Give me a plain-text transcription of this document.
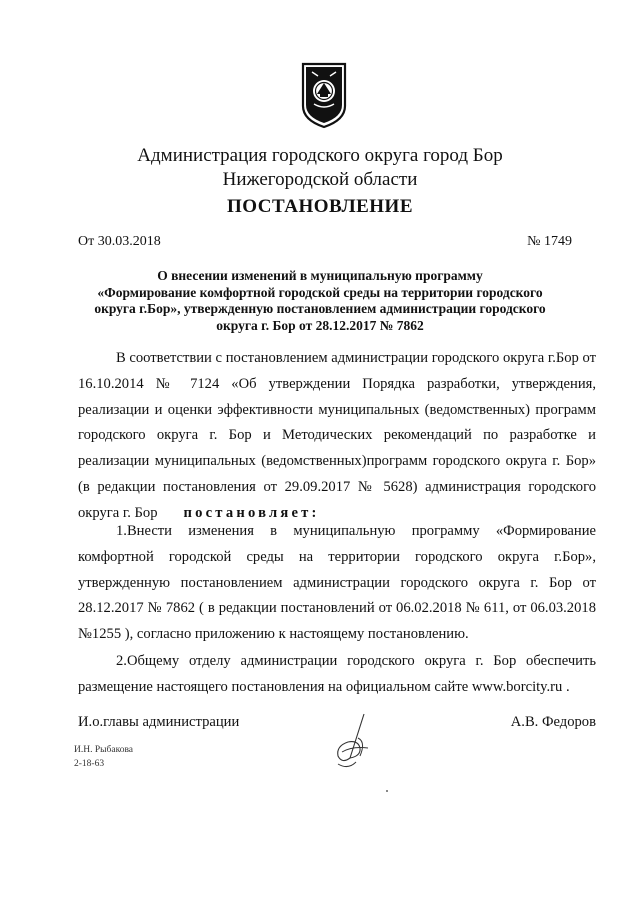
Администрация городского округа город Бор
Нижегородской области
ПОСТАНОВЛЕНИЕ
От 30.03.2018	№ 1749
О внесении изменений в муниципальную программу
«Формирование комфортной городской среды на территории городского
округа г.Бор», утвержденную постановлением администрации городского
округа г. Бор от 28.12.2017 № 7862
В соответствии с постановлением администрации городского округа г.Бор от 16.10.2014 № 7124 «Об утверждении Порядка разработки, утверждения, реализации и оценки эффективности муниципальных (ведомственных) программ городского округа г. Бор и Методических рекомендаций по разработке и реализации муниципальных (ведомственных)программ городского округа г. Бор» (в редакции постановления от 29.09.2017 № 5628) администрация городского округа г. Бор постановляет:
1.Внести изменения в муниципальную программу «Формирование комфортной городской среды на территории городского округа г.Бор», утвержденную постановлением администрации городского округа г. Бор от 28.12.2017 № 7862 ( в редакции постановлений от 06.02.2018 № 611, от 06.03.2018 №1255 ), согласно приложению к настоящему постановлению.
2.Общему отделу администрации городского округа г. Бор обеспечить размещение настоящего постановления на официальном сайте www.borcity.ru .
И.о.главы администрации	А.В. Федоров
И.Н. Рыбакова
2-18-63
